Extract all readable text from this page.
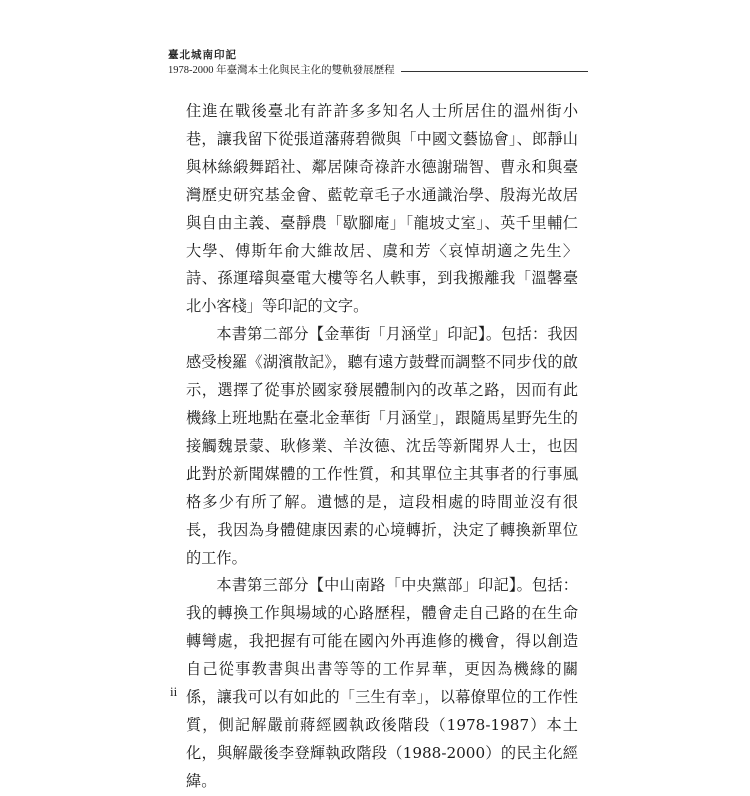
臺北城南印記
1978-2000 年臺灣本土化與民主化的雙軌發展歷程

住進在戰後臺北有許許多多知名人士所居住的溫州街小巷，讓我留下從張道藩蔣碧微與「中國文藝協會」、郎靜山與林絲緞舞蹈社、鄰居陳奇祿許水德謝瑞智、曹永和與臺灣歷史研究基金會、藍乾章毛子水通識治學、殷海光故居與自由主義、臺靜農「歇腳庵」「龍坡丈室」、英千里輔仁大學、傅斯年俞大維故居、虞和芳〈哀悼胡適之先生〉詩、孫運璿與臺電大樓等名人軼事，到我搬離我「溫馨臺北小客棧」等印記的文字。

本書第二部分【金華街「月涵堂」印記】。包括：我因感受梭羅《湖濱散記》，聽有遠方鼓聲而調整不同步伐的啟示，選擇了從事於國家發展體制內的改革之路，因而有此機緣上班地點在臺北金華街「月涵堂」，跟隨馬星野先生的接觸魏景蒙、耿修業、羊汝德、沈岳等新聞界人士，也因此對於新聞媒體的工作性質，和其單位主其事者的行事風格多少有所了解。遺憾的是，這段相處的時間並沒有很長，我因為身體健康因素的心境轉折，決定了轉換新單位的工作。

本書第三部分【中山南路「中央黨部」印記】。包括：我的轉換工作與場域的心路歷程，體會走自己路的在生命轉彎處，我把握有可能在國內外再進修的機會，得以創造自己從事教書與出書等等的工作昇華，更因為機緣的關係，讓我可以有如此的「三生有幸」，以幕僚單位的工作性質，側記解嚴前蔣經國執政後階段（1978-1987）本土化，與解嚴後李登輝執政階段（1988-2000）的民主化經緯。

ii
